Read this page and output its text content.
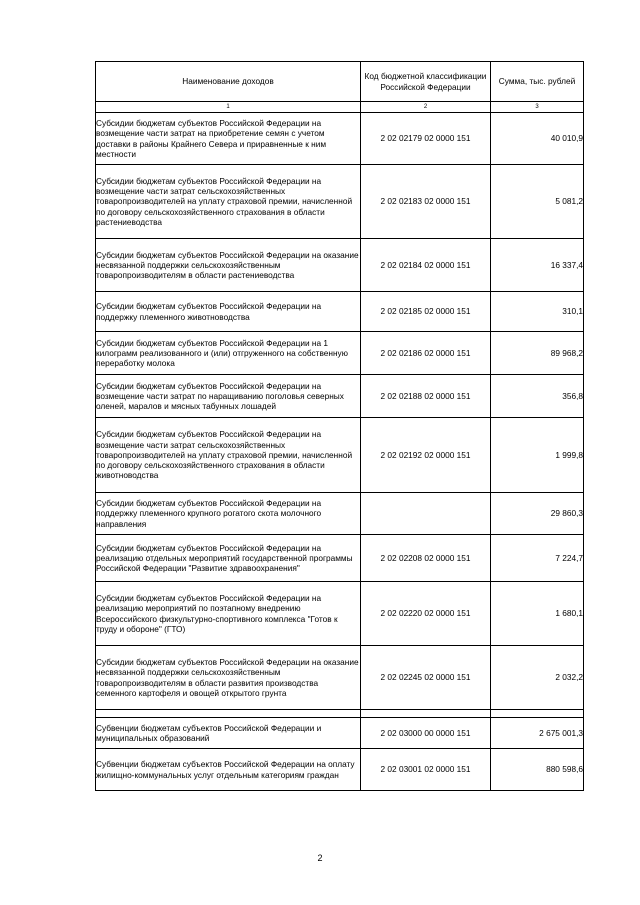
Наименование доходов	Код бюджетной классификации Российской Федерации	Сумма, тыс. рублей
1	2	3
Субсидии бюджетам субъектов Российской Федерации на возмещение части затрат на приобретение семян с учетом доставки в районы Крайнего Севера и приравненные к ним местности	2 02 02179 02 0000 151	40 010,9
Субсидии бюджетам субъектов Российской Федерации на возмещение части затрат сельскохозяйственных товаропроизводителей на уплату страховой премии, начисленной по договору сельскохозяйственного страхования в области растениеводства	2 02 02183 02 0000 151	5 081,2
Субсидии бюджетам субъектов Российской Федерации на оказание несвязанной поддержки сельскохозяйственным товаропроизводителям в области растениеводства	2 02 02184 02 0000 151	16 337,4
Субсидии бюджетам субъектов Российской Федерации на поддержку племенного животноводства	2 02 02185 02 0000 151	310,1
Субсидии бюджетам субъектов Российской Федерации на 1 килограмм реализованного и (или) отгруженного на собственную переработку молока	2 02 02186 02 0000 151	89 968,2
Субсидии бюджетам субъектов Российской Федерации на возмещение части затрат по наращиванию поголовья северных оленей, маралов и мясных табунных лошадей	2 02 02188 02 0000 151	356,8
Субсидии бюджетам субъектов Российской Федерации на возмещение части затрат сельскохозяйственных товаропроизводителей на уплату страховой премии, начисленной по договору сельскохозяйственного страхования в области животноводства	2 02 02192 02 0000 151	1 999,8
Субсидии бюджетам субъектов Российской Федерации на поддержку племенного крупного рогатого скота молочного направления		29 860,3
Субсидии бюджетам субъектов Российской Федерации на реализацию отдельных мероприятий государственной программы Российской Федерации "Развитие здравоохранения"	2 02 02208 02 0000 151	7 224,7
Субсидии бюджетам субъектов Российской Федерации на реализацию мероприятий по поэтапному внедрению Всероссийского физкультурно-спортивного комплекса "Готов к труду и обороне" (ГТО)	2 02 02220 02 0000 151	1 680,1
Субсидии бюджетам субъектов Российской Федерации на оказание несвязанной поддержки сельскохозяйственным товаропроизводителям в области развития производства семенного картофеля и овощей открытого грунта	2 02 02245 02 0000 151	2 032,2

Субвенции бюджетам субъектов Российской Федерации и муниципальных образований	2 02 03000 00 0000 151	2 675 001,3
Субвенции бюджетам субъектов Российской Федерации на оплату жилищно-коммунальных услуг отдельным категориям граждан	2 02 03001 02 0000 151	880 598,6
2
